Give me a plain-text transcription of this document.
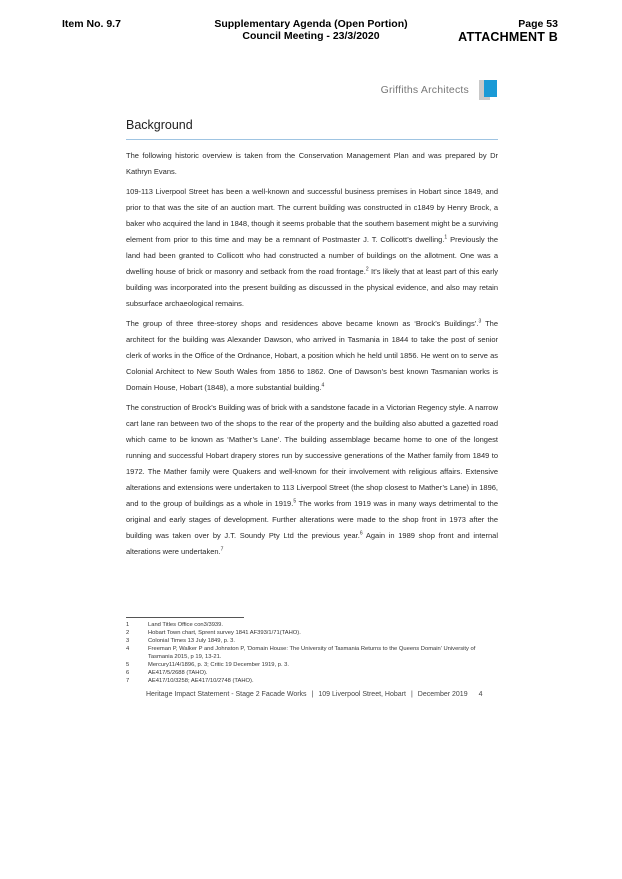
Item No. 9.7	Supplementary Agenda (Open Portion)
Council Meeting - 23/3/2020
Page 53
ATTACHMENT B
Griffiths Architects
Background

The following historic overview is taken from the Conservation Management Plan and was prepared by Dr Kathryn Evans.

109-113 Liverpool Street has been a well-known and successful business premises in Hobart since 1849, and prior to that was the site of an auction mart. The current building was constructed in c1849 by Henry Brock, a baker who acquired the land in 1848, though it seems probable that the southern basement might be a surviving element from prior to this time and may be a remnant of Postmaster J. T. Collicott’s dwelling.$^1$ Previously the land had been granted to Collicott who had constructed a number of buildings on the allotment. One was a dwelling house of brick or masonry and setback from the road frontage.$^2$ It’s likely that at least part of this early building was incorporated into the present building as discussed in the physical evidence, and also may retain subsurface archaeological remains.

The group of three three-storey shops and residences above became known as ‘Brock’s Buildings’.$^3$ The architect for the building was Alexander Dawson, who arrived in Tasmania in 1844 to take the post of senior clerk of works in the Office of the Ordnance, Hobart, a position which he held until 1856. He went on to serve as Colonial Architect to New South Wales from 1856 to 1862. One of Dawson’s best known Tasmanian works is Domain House, Hobart (1848), a more substantial building.$^4$

The construction of Brock’s Building was of brick with a sandstone facade in a Victorian Regency style. A narrow cart lane ran between two of the shops to the rear of the property and the building also abutted a gazetted road which came to be known as ‘Mather’s Lane’. The building assemblage became home to one of the longest running and successful Hobart drapery stores run by successive generations of the Mather family from 1849 to 1972. The Mather family were Quakers and well-known for their involvement with religious affairs. Extensive alterations and extensions were undertaken to 113 Liverpool Street (the shop closest to Mather’s Lane) in 1896, and to the group of buildings as a whole in 1919.$^5$ The works from 1919 was in many ways detrimental to the original and early stages of development. Further alterations were made to the shop front in 1973 after the building was taken over by J.T. Soundy Pty Ltd the previous year.$^6$ Again in 1989 shop front and internal alterations were undertaken.$^7$

1	Land Titles Office con3/3939.
2	Hobart Town chart, Sprent survey 1841 AF393/1/71(TAHO).
3	Colonial Times 13 July 1849, p. 3.
4	Freeman P, Walker P and Johnston P, ‘Domain House: The University of Tasmania Returns to the Queens Domain’ University of Tasmania 2015, p 19, 13-21.
5	Mercury11/4/1896, p. 3; Critic 19 December 1919, p. 3.
6	AE417/5/2688 (TAHO).
7	AE417/10/3258; AE417/10/2748 (TAHO).
Heritage Impact Statement - Stage 2 Facade Works | 109 Liverpool Street, Hobart | December 2019 4
